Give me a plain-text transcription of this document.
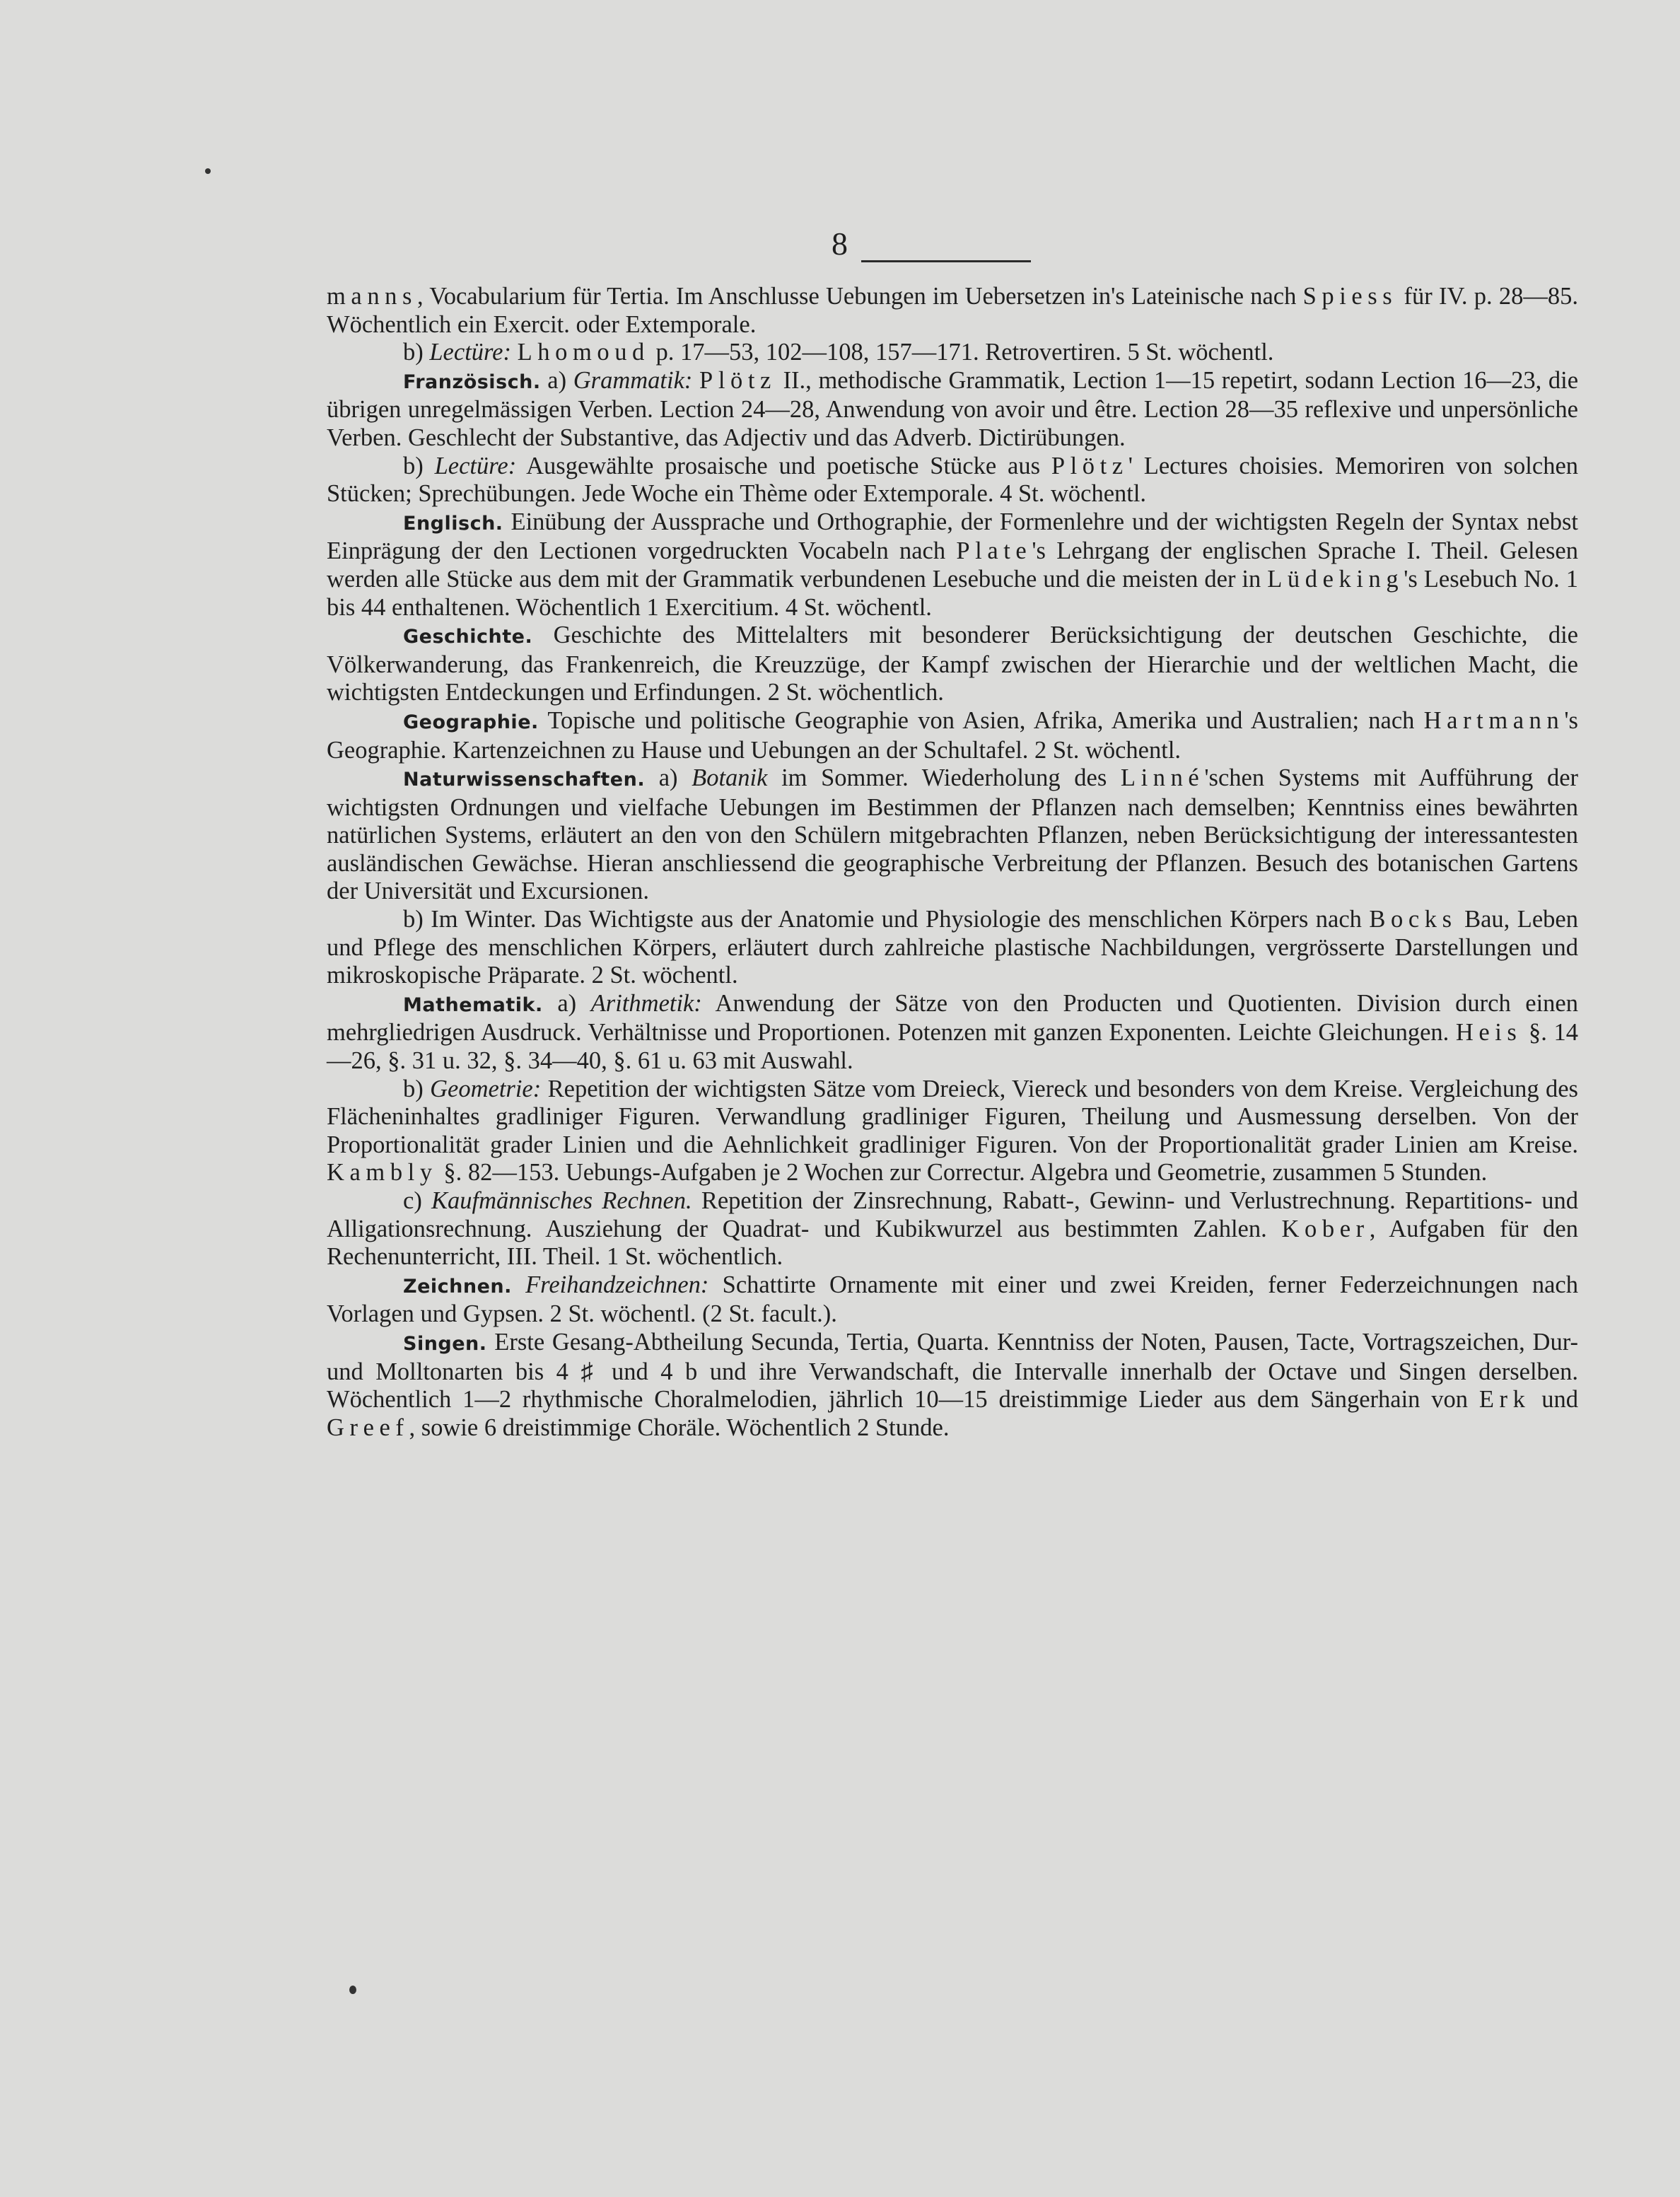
8

manns, Vocabularium für Tertia. Im Anschlusse Uebungen im Uebersetzen in's Lateinische nach Spiess für IV. p. 28—85. Wöchentlich ein Exercit. oder Extemporale.

b) Lectüre: Lhomoud p. 17—53, 102—108, 157—171. Retrovertiren. 5 St. wöchentl.

Französisch. a) Grammatik: Plötz II., methodische Grammatik, Lection 1—15 repetirt, sodann Lection 16—23, die übrigen unregelmässigen Verben. Lection 24—28, Anwendung von avoir und être. Lection 28—35 reflexive und unpersönliche Verben. Geschlecht der Substantive, das Adjectiv und das Adverb. Dictirübungen.

b) Lectüre: Ausgewählte prosaische und poetische Stücke aus Plötz' Lectures choisies. Memoriren von solchen Stücken; Sprechübungen. Jede Woche ein Thème oder Extemporale. 4 St. wöchentl.

Englisch. Einübung der Aussprache und Orthographie, der Formenlehre und der wichtigsten Regeln der Syntax nebst Einprägung der den Lectionen vorgedruckten Vocabeln nach Plate's Lehrgang der englischen Sprache I. Theil. Gelesen werden alle Stücke aus dem mit der Grammatik verbundenen Lesebuche und die meisten der in Lüdeking's Lesebuch No. 1 bis 44 enthaltenen. Wöchentlich 1 Exercitium. 4 St. wöchentl.

Geschichte. Geschichte des Mittelalters mit besonderer Berücksichtigung der deutschen Geschichte, die Völkerwanderung, das Frankenreich, die Kreuzzüge, der Kampf zwischen der Hierarchie und der weltlichen Macht, die wichtigsten Entdeckungen und Erfindungen. 2 St. wöchentlich.

Geographie. Topische und politische Geographie von Asien, Afrika, Amerika und Australien; nach Hartmann's Geographie. Kartenzeichnen zu Hause und Uebungen an der Schultafel. 2 St. wöchentl.

Naturwissenschaften. a) Botanik im Sommer. Wiederholung des Linné'schen Systems mit Aufführung der wichtigsten Ordnungen und vielfache Uebungen im Bestimmen der Pflanzen nach demselben; Kenntniss eines bewährten natürlichen Systems, erläutert an den von den Schülern mitgebrachten Pflanzen, neben Berücksichtigung der interessantesten ausländischen Gewächse. Hieran anschliessend die geographische Verbreitung der Pflanzen. Besuch des botanischen Gartens der Universität und Excursionen.

b) Im Winter. Das Wichtigste aus der Anatomie und Physiologie des menschlichen Körpers nach Bocks Bau, Leben und Pflege des menschlichen Körpers, erläutert durch zahlreiche plastische Nachbildungen, vergrösserte Darstellungen und mikroskopische Präparate. 2 St. wöchentl.

Mathematik. a) Arithmetik: Anwendung der Sätze von den Producten und Quotienten. Division durch einen mehrgliedrigen Ausdruck. Verhältnisse und Proportionen. Potenzen mit ganzen Exponenten. Leichte Gleichungen. Heis §. 14—26, §. 31 u. 32, §. 34—40, §. 61 u. 63 mit Auswahl.

b) Geometrie: Repetition der wichtigsten Sätze vom Dreieck, Viereck und besonders von dem Kreise. Vergleichung des Flächeninhaltes gradliniger Figuren. Verwandlung gradliniger Figuren, Theilung und Ausmessung derselben. Von der Proportionalität grader Linien und die Aehnlichkeit gradliniger Figuren. Von der Proportionalität grader Linien am Kreise. Kambly §. 82—153. Uebungs-Aufgaben je 2 Wochen zur Correctur. Algebra und Geometrie, zusammen 5 Stunden.

c) Kaufmännisches Rechnen. Repetition der Zinsrechnung, Rabatt-, Gewinn- und Verlustrechnung. Repartitions- und Alligationsrechnung. Ausziehung der Quadrat- und Kubikwurzel aus bestimmten Zahlen. Kober, Aufgaben für den Rechenunterricht, III. Theil. 1 St. wöchentlich.

Zeichnen. Freihandzeichnen: Schattirte Ornamente mit einer und zwei Kreiden, ferner Federzeichnungen nach Vorlagen und Gypsen. 2 St. wöchentl. (2 St. facult.).

Singen. Erste Gesang-Abtheilung Secunda, Tertia, Quarta. Kenntniss der Noten, Pausen, Tacte, Vortragszeichen, Dur- und Molltonarten bis 4 ♯ und 4 b und ihre Verwandschaft, die Intervalle innerhalb der Octave und Singen derselben. Wöchentlich 1—2 rhythmische Choralmelodien, jährlich 10—15 dreistimmige Lieder aus dem Sängerhain von Erk und Greef, sowie 6 dreistimmige Choräle. Wöchentlich 2 Stunde.
